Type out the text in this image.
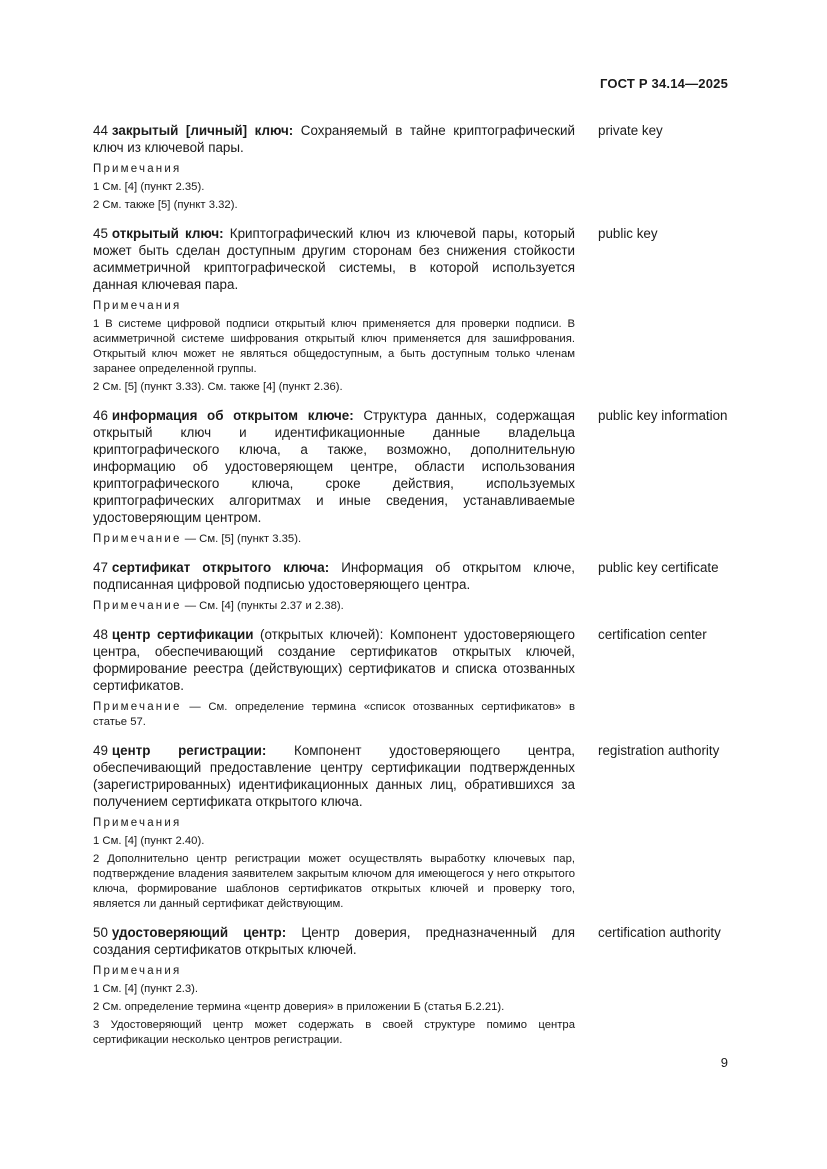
ГОСТ Р 34.14—2025
44 закрытый [личный] ключ: Сохраняемый в тайне криптографический ключ из ключевой пары.
private key
Примечания
1 См. [4] (пункт 2.35).
2 См. также [5] (пункт 3.32).
45 открытый ключ: Криптографический ключ из ключевой пары, который может быть сделан доступным другим сторонам без снижения стойкости асимметричной криптографической системы, в которой используется данная ключевая пара.
public key
Примечания
1 В системе цифровой подписи открытый ключ применяется для проверки подписи. В асимметричной системе шифрования открытый ключ применяется для зашифрования. Открытый ключ может не являться общедоступным, а быть доступным только членам заранее определенной группы.
2 См. [5] (пункт 3.33). См. также [4] (пункт 2.36).
46 информация об открытом ключе: Структура данных, содержащая открытый ключ и идентификационные данные владельца криптографического ключа, а также, возможно, дополнительную информацию об удостоверяющем центре, области использования криптографического ключа, сроке действия, используемых криптографических алгоритмах и иные сведения, устанавливаемые удостоверяющим центром.
public key information
Примечание — См. [5] (пункт 3.35).
47 сертификат открытого ключа: Информация об открытом ключе, подписанная цифровой подписью удостоверяющего центра.
public key certificate
Примечание — См. [4] (пункты 2.37 и 2.38).
48 центр сертификации (открытых ключей): Компонент удостоверяющего центра, обеспечивающий создание сертификатов открытых ключей, формирование реестра (действующих) сертификатов и списка отозванных сертификатов.
certification center
Примечание — См. определение термина «список отозванных сертификатов» в статье 57.
49 центр регистрации: Компонент удостоверяющего центра, обеспечивающий предоставление центру сертификации подтвержденных (зарегистрированных) идентификационных данных лиц, обратившихся за получением сертификата открытого ключа.
registration authority
Примечания
1 См. [4] (пункт 2.40).
2 Дополнительно центр регистрации может осуществлять выработку ключевых пар, подтверждение владения заявителем закрытым ключом для имеющегося у него открытого ключа, формирование шаблонов сертификатов открытых ключей и проверку того, является ли данный сертификат действующим.
50 удостоверяющий центр: Центр доверия, предназначенный для создания сертификатов открытых ключей.
certification authority
Примечания
1 См. [4] (пункт 2.3).
2 См. определение термина «центр доверия» в приложении Б (статья Б.2.21).
3 Удостоверяющий центр может содержать в своей структуре помимо центра сертификации несколько центров регистрации.
9
